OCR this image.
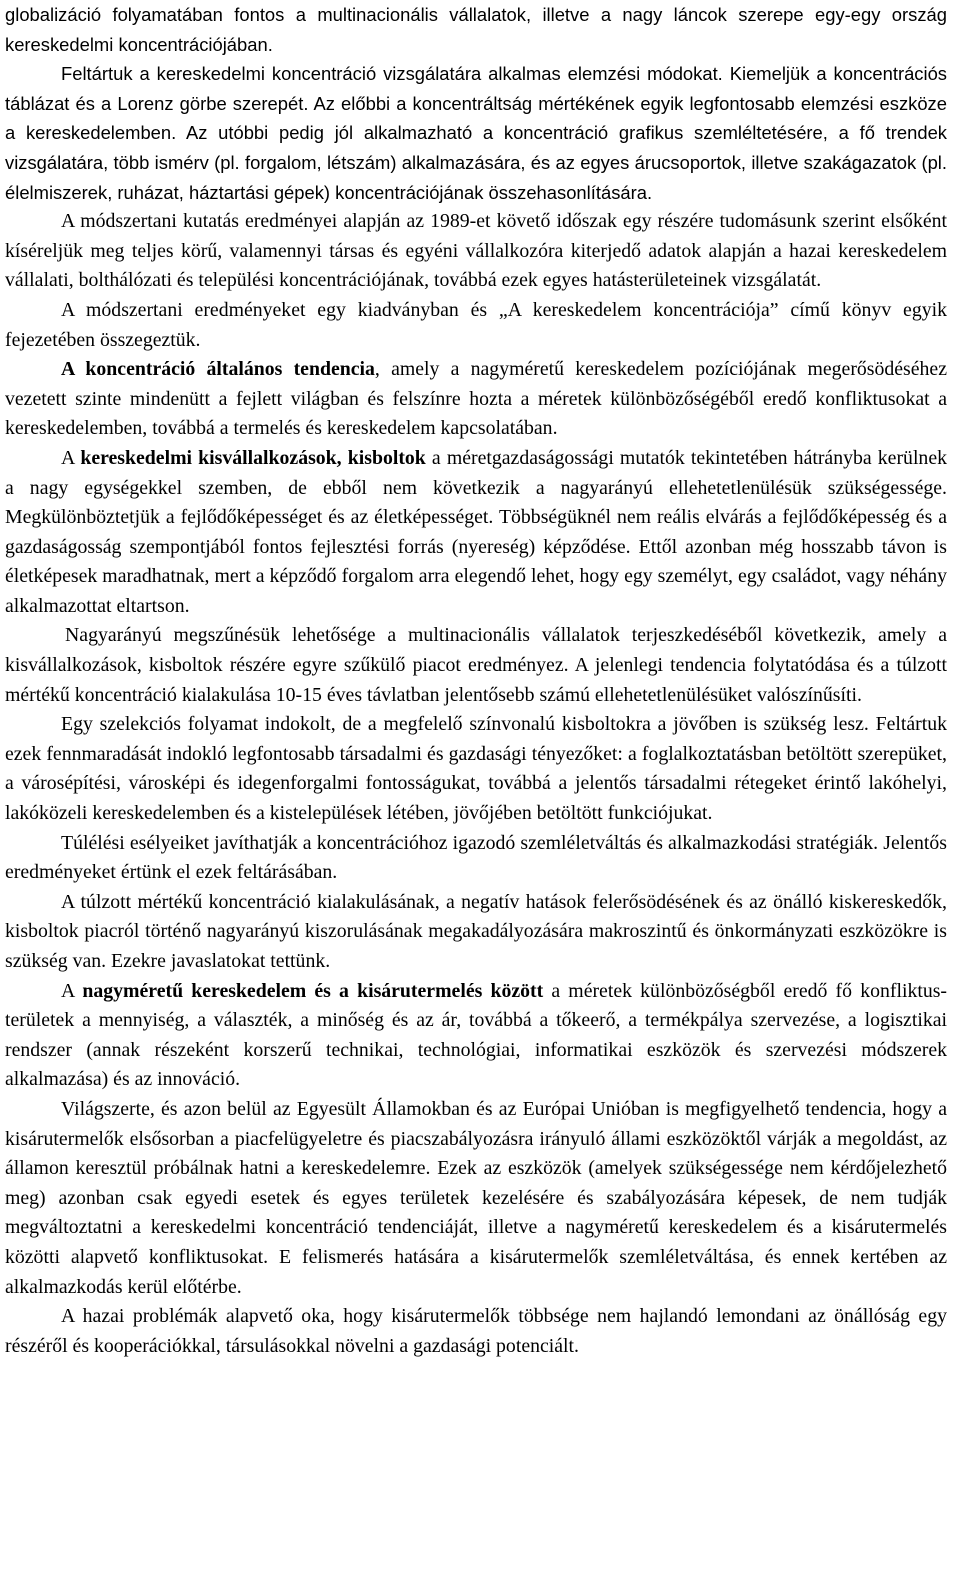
globalizáció folyamatában fontos a multinacionális vállalatok, illetve a nagy láncok szerepe egy-egy ország kereskedelmi koncentrációjában.

Feltártuk a kereskedelmi koncentráció vizsgálatára alkalmas elemzési módokat. Kiemeljük a koncentrációs táblázat és a Lorenz görbe szerepét. Az előbbi a koncentráltság mértékének egyik legfontosabb elemzési eszköze a kereskedelemben. Az utóbbi pedig jól alkalmazható a koncentráció grafikus szemléltetésére, a fő trendek vizsgálatára, több ismérv (pl. forgalom, létszám) alkalmazására, és az egyes árucsoportok, illetve szakágazatok (pl. élelmiszerek, ruházat, háztartási gépek) koncentrációjának összehasonlítására.

A módszertani kutatás eredményei alapján az 1989-et követő időszak egy részére tudomásunk szerint elsőként kíséreljük meg teljes körű, valamennyi társas és egyéni vállalkozóra kiterjedő adatok alapján a hazai kereskedelem vállalati, bolthálózati és települési koncentrációjának, továbbá ezek egyes hatásterületeinek vizsgálatát.

A módszertani eredményeket egy kiadványban és „A kereskedelem koncentrációja” című könyv egyik fejezetében összegeztük.

A koncentráció általános tendencia, amely a nagyméretű kereskedelem pozíciójának megerősödéséhez vezetett szinte mindenütt a fejlett világban és felszínre hozta a méretek különbözőségéből eredő konfliktusokat a kereskedelemben, továbbá a termelés és kereskedelem kapcsolatában.

A kereskedelmi kisvállalkozások, kisboltok a méretgazdaságossági mutatók tekintetében hátrányba kerülnek a nagy egységekkel szemben, de ebből nem következik a nagyarányú ellehetetlenülésük szükségessége. Megkülönböztetjük a fejlődőképességet és az életképességet. Többségüknél nem reális elvárás a fejlődőképesség és a gazdaságosság szempontjából fontos fejlesztési forrás (nyereség) képződése. Ettől azonban még hosszabb távon is életképesek maradhatnak, mert a képződő forgalom arra elegendő lehet, hogy egy személyt, egy családot, vagy néhány alkalmazottat eltartson.

Nagyarányú megszűnésük lehetősége a multinacionális vállalatok terjeszkedéséből következik, amely a kisvállalkozások, kisboltok részére egyre szűkülő piacot eredményez. A jelenlegi tendencia folytatódása és a túlzott mértékű koncentráció kialakulása 10-15 éves távlatban jelentősebb számú ellehetetlenülésüket valószínűsíti.

Egy szelekciós folyamat indokolt, de a megfelelő színvonalú kisboltokra a jövőben is szükség lesz. Feltártuk ezek fennmaradását indokló legfontosabb társadalmi és gazdasági tényezőket: a foglalkoztatásban betöltött szerepüket, a városépítési, városképi és idegenforgalmi fontosságukat, továbbá a jelentős társadalmi rétegeket érintő lakóhelyi, lakóközeli kereskedelemben és a kistelepülések létében, jövőjében betöltött funkciójukat.

Túlélési esélyeiket javíthatják a koncentrációhoz igazodó szemléletváltás és alkalmazkodási stratégiák. Jelentős eredményeket értünk el ezek feltárásában.

A túlzott mértékű koncentráció kialakulásának, a negatív hatások felerősödésének és az önálló kiskereskedők, kisboltok piacról történő nagyarányú kiszorulásának megakadályozására makroszintű és önkormányzati eszközökre is szükség van. Ezekre javaslatokat tettünk.

A nagyméretű kereskedelem és a kisárutermelés között a méretek különbözőségből eredő fő konfliktus-területek a mennyiség, a választék, a minőség és az ár, továbbá a tőkeerő, a termékpálya szervezése, a logisztikai rendszer (annak részeként korszerű technikai, technológiai, informatikai eszközök és szervezési módszerek alkalmazása) és az innováció.

Világszerte, és azon belül az Egyesült Államokban és az Európai Unióban is megfigyelhető tendencia, hogy a kisárutermelők elsősorban a piacfelügyeletre és piacszabályozásra irányuló állami eszközöktől várják a megoldást, az államon keresztül próbálnak hatni a kereskedelemre. Ezek az eszközök (amelyek szükségessége nem kérdőjelezhető meg) azonban csak egyedi esetek és egyes területek kezelésére és szabályozására képesek, de nem tudják megváltoztatni a kereskedelmi koncentráció tendenciáját, illetve a nagyméretű kereskedelem és a kisárutermelés közötti alapvető konfliktusokat. E felismerés hatására a kisárutermelők szemléletváltása, és ennek kertében az alkalmazkodás kerül előtérbe.

A hazai problémák alapvető oka, hogy kisárutermelők többsége nem hajlandó lemondani az önállóság egy részéről és kooperációkkal, társulásokkal növelni a gazdasági potenciált.
